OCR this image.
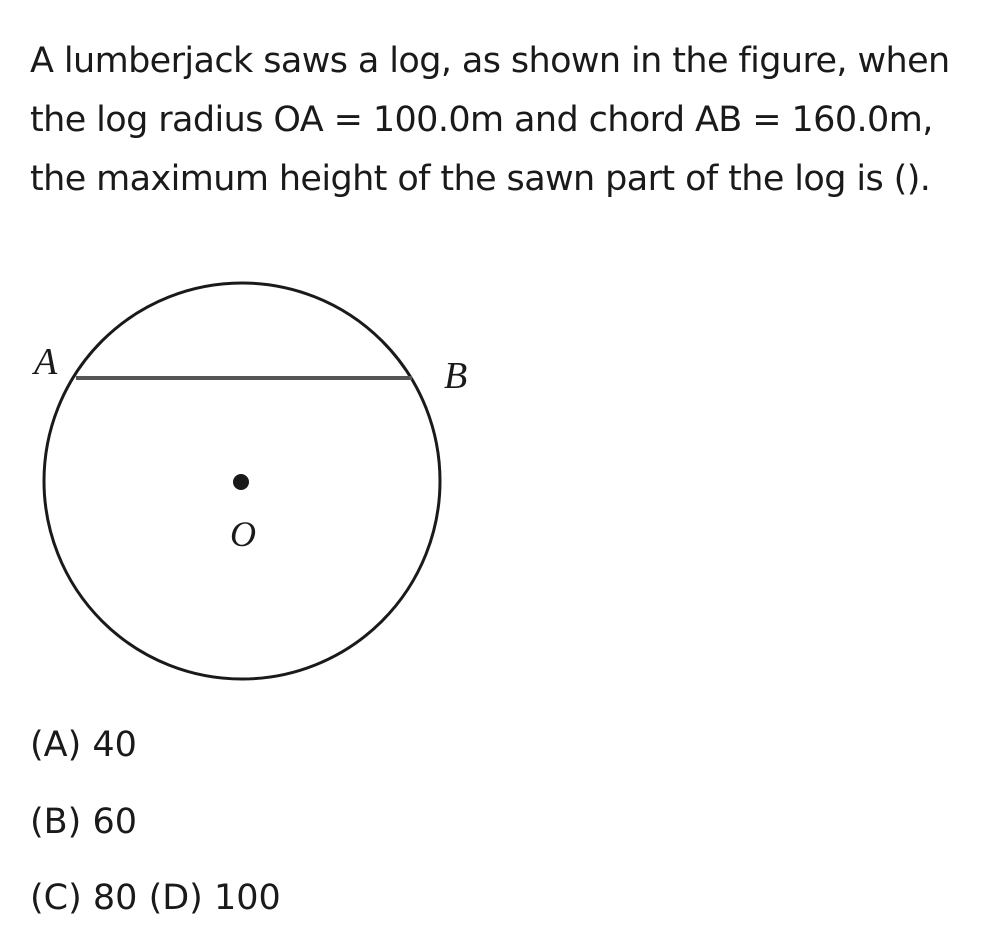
A lumberjack saws a log, as shown in the figure, when the log radius OA = 100.0m and chord AB = 160.0m, the maximum height of the sawn part of the log is ().

A	B
O

(A) 40

(B) 60

(C) 80 (D) 100
